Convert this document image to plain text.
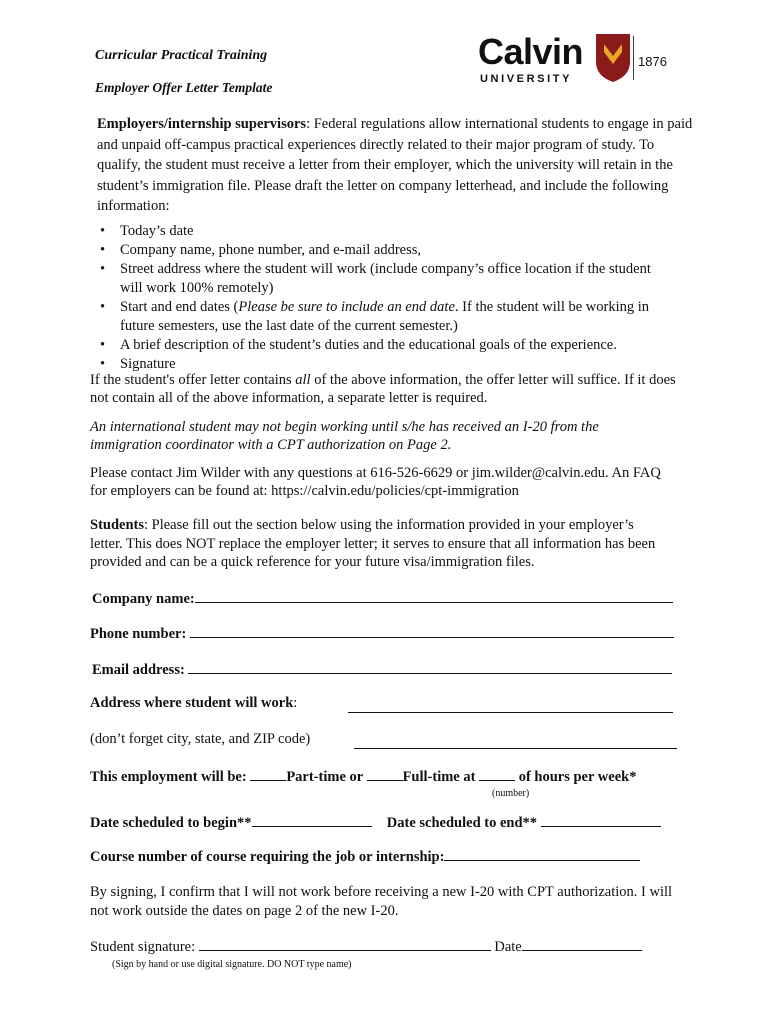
Curricular Practical Training
Employer Offer Letter Template
Calvin
UNIVERSITY
1876
Employers/internship supervisors: Federal regulations allow international students to engage in paid and unpaid off-campus practical experiences directly related to their major program of study. To qualify, the student must receive a letter from their employer, which the university will retain in the student’s immigration file. Please draft the letter on company letterhead, and include the following information:
• Today’s date
• Company name, phone number, and e-mail address,
• Street address where the student will work (include company’s office location if the student will work 100% remotely)
• Start and end dates (Please be sure to include an end date. If the student will be working in future semesters, use the last date of the current semester.)
• A brief description of the student’s duties and the educational goals of the experience.
• Signature
If the student's offer letter contains all of the above information, the offer letter will suffice. If it does not contain all of the above information, a separate letter is required.
An international student may not begin working until s/he has received an I-20 from the immigration coordinator with a CPT authorization on Page 2.
Please contact Jim Wilder with any questions at 616-526-6629 or jim.wilder@calvin.edu. An FAQ for employers can be found at: https://calvin.edu/policies/cpt-immigration
Students: Please fill out the section below using the information provided in your employer’s letter. This does NOT replace the employer letter; it serves to ensure that all information has been provided and can be a quick reference for your future visa/immigration files.
Company name:
Phone number:
Email address:
Address where student will work:
(don’t forget city, state, and ZIP code)
This employment will be:	Part-time or	Full-time at	of hours per week*
(number)
Date scheduled to begin**	Date scheduled to end**
Course number of course requiring the job or internship:
By signing, I confirm that I will not work before receiving a new I-20 with CPT authorization. I will not work outside the dates on page 2 of the new I-20.
Student signature:	Date
(Sign by hand or use digital signature. DO NOT type name)
